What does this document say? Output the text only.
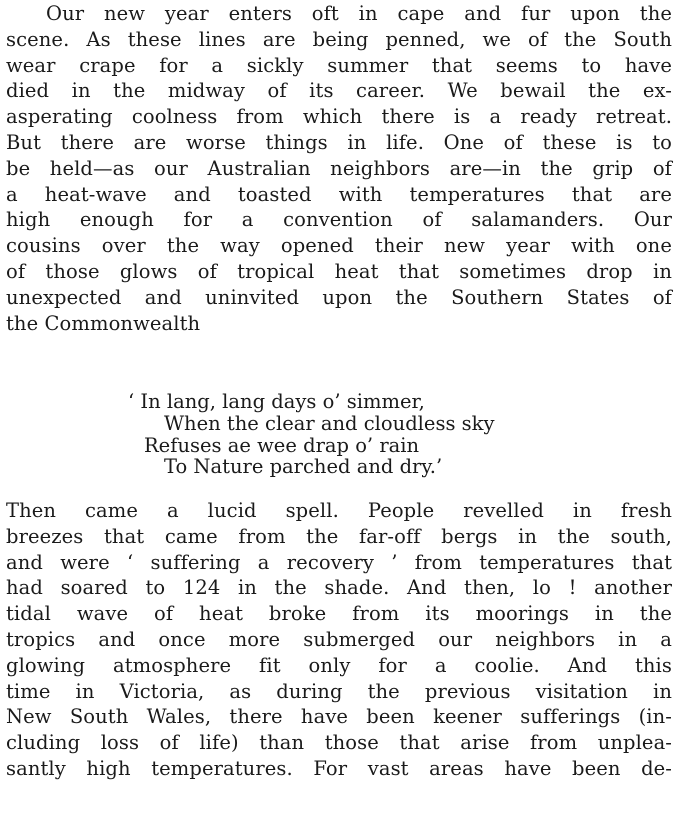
Our new year enters oft in cape and fur upon the
scene. As these lines are being penned, we of the South
wear crape for a sickly summer that seems to have
died in the midway of its career. We bewail the ex-
asperating coolness from which there is a ready retreat.
But there are worse things in life. One of these is to
be held—as our Australian neighbors are—in the grip of
a heat-wave and toasted with temperatures that are
high enough for a convention of salamanders. Our
cousins over the way opened their new year with one
of those glows of tropical heat that sometimes drop in
unexpected and uninvited upon the Southern States of
the Commonwealth
‘ In lang, lang days o’ simmer,
When the clear and cloudless sky
Refuses ae wee drap o’ rain
To Nature parched and dry.’
Then came a lucid spell. People revelled in fresh
breezes that came from the far-off bergs in the south,
and were ‘ suffering a recovery ’ from temperatures that
had soared to 124 in the shade. And then, lo ! another
tidal wave of heat broke from its moorings in the
tropics and once more submerged our neighbors in a
glowing atmosphere fit only for a coolie. And this
time in Victoria, as during the previous visitation in
New South Wales, there have been keener sufferings (in-
cluding loss of life) than those that arise from unplea-
santly high temperatures. For vast areas have been de-
